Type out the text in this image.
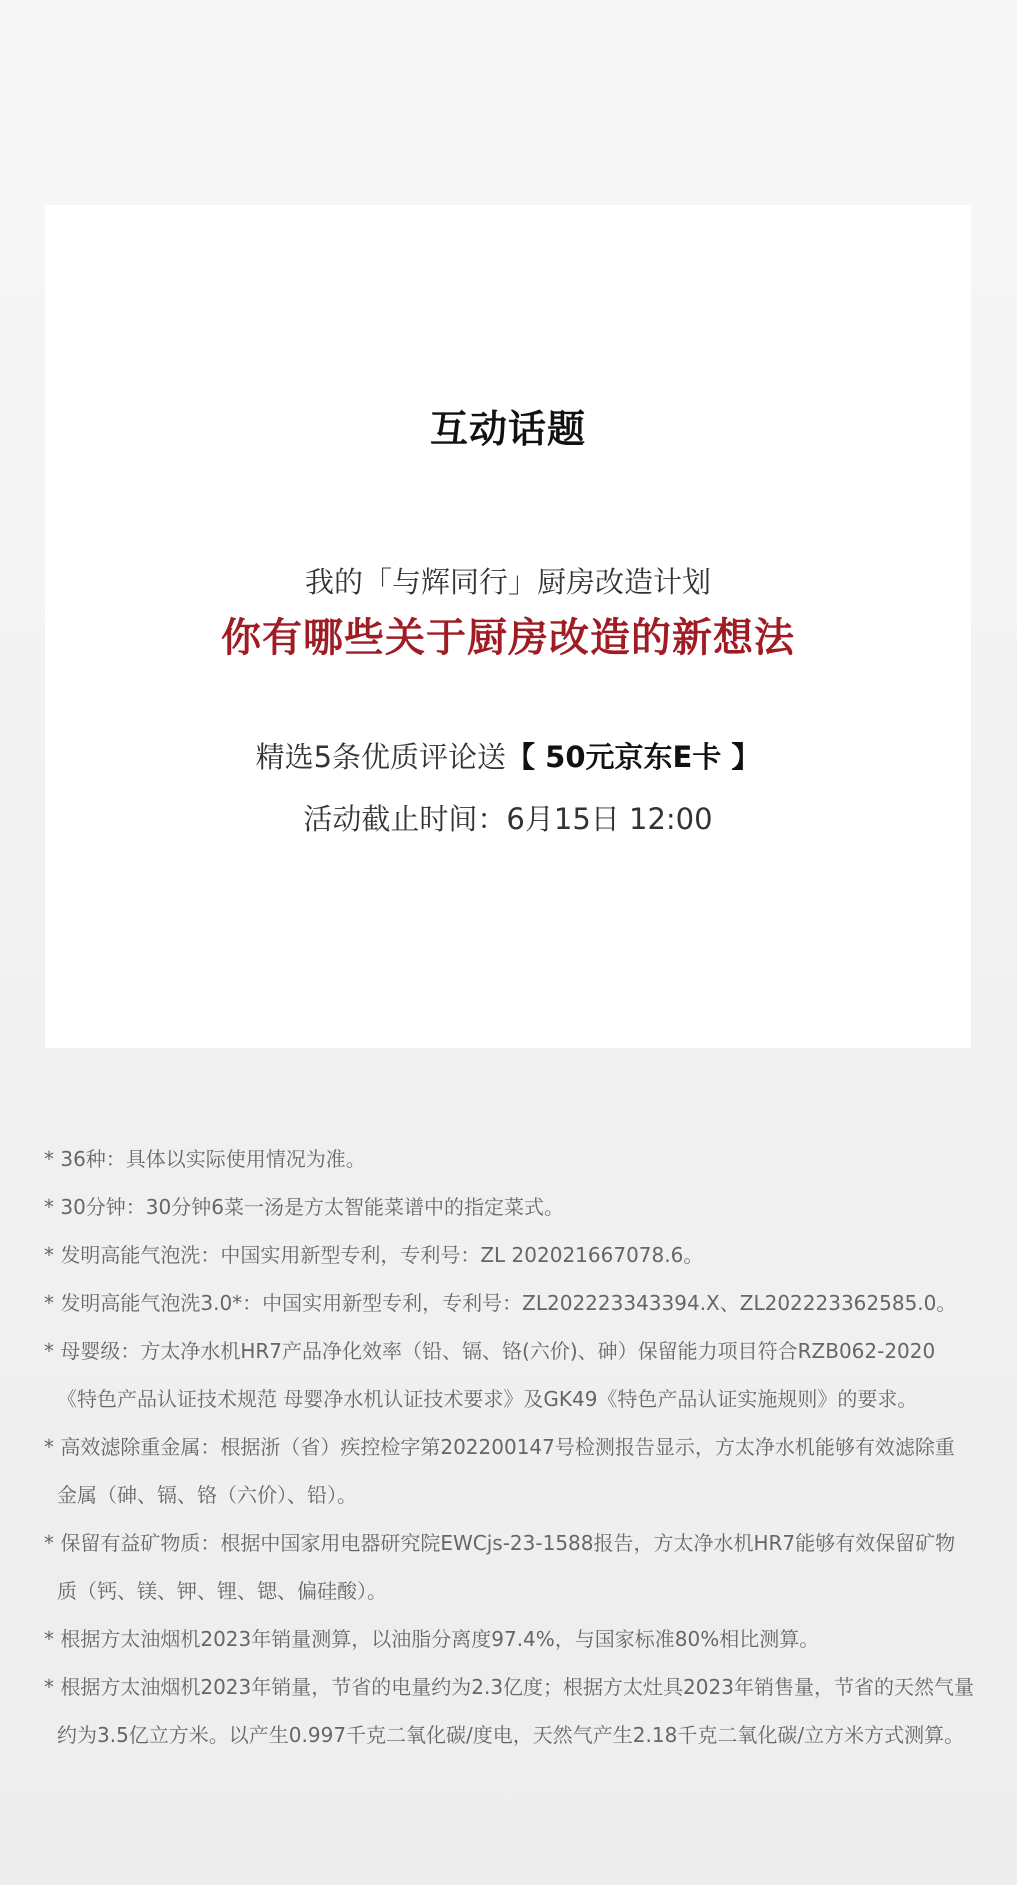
互动话题
我的「与辉同行」厨房改造计划
你有哪些关于厨房改造的新想法
精选5条优质评论送【 50元京东E卡 】
活动截止时间：6月15日 12:00
* 36种：具体以实际使用情况为准。
* 30分钟：30分钟6菜一汤是方太智能菜谱中的指定菜式。
* 发明高能气泡洗：中国实用新型专利，专利号：ZL 202021667078.6。
* 发明高能气泡洗3.0*：中国实用新型专利，专利号：ZL202223343394.X、ZL202223362585.0。
* 母婴级：方太净水机HR7产品净化效率（铅、镉、铬(六价)、砷）保留能力项目符合RZB062-2020《特色产品认证技术规范 母婴净水机认证技术要求》及GK49《特色产品认证实施规则》的要求。
* 高效滤除重金属：根据浙（省）疾控检字第202200147号检测报告显示，方太净水机能够有效滤除重金属（砷、镉、铬（六价）、铅）。
* 保留有益矿物质：根据中国家用电器研究院EWCjs-23-1588报告，方太净水机HR7能够有效保留矿物质（钙、镁、钾、锂、锶、偏硅酸）。
* 根据方太油烟机2023年销量测算，以油脂分离度97.4%，与国家标准80%相比测算。
* 根据方太油烟机2023年销量，节省的电量约为2.3亿度；根据方太灶具2023年销售量，节省的天然气量约为3.5亿立方米。以产生0.997千克二氧化碳/度电，天然气产生2.18千克二氧化碳/立方米方式测算。
